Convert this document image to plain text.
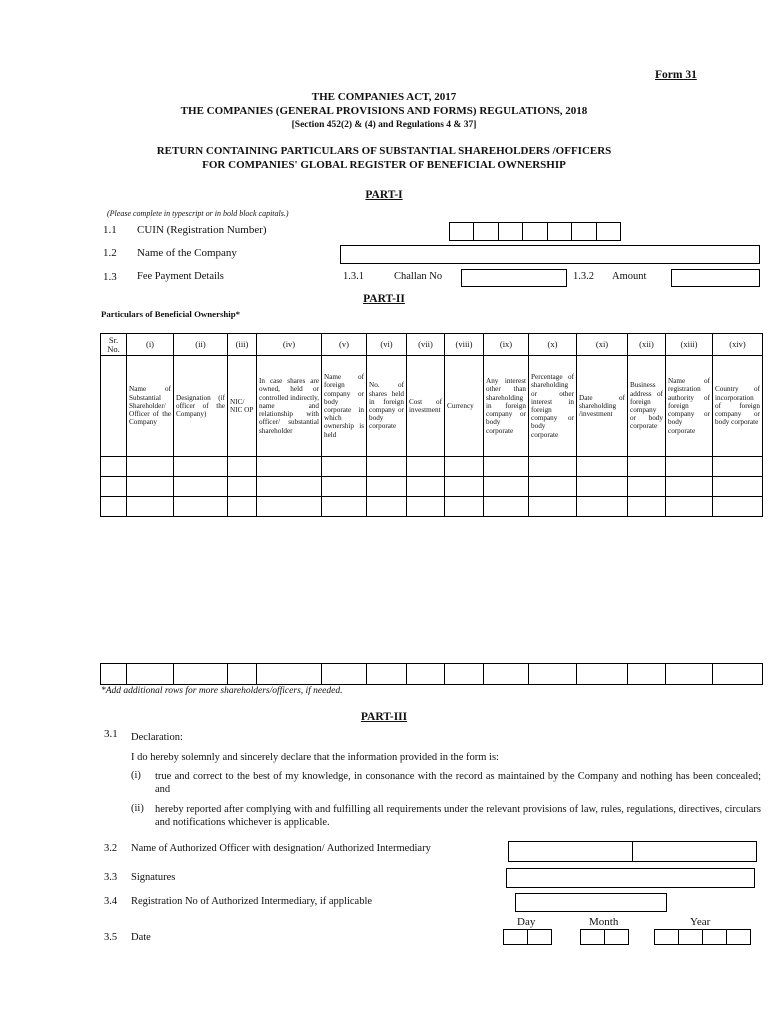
Form 31
THE COMPANIES ACT, 2017
THE COMPANIES (GENERAL PROVISIONS AND FORMS) REGULATIONS, 2018
[Section 452(2) & (4) and Regulations 4 & 37]
RETURN CONTAINING PARTICULARS OF SUBSTANTIAL SHAREHOLDERS /OFFICERS
FOR COMPANIES' GLOBAL REGISTER OF BENEFICIAL OWNERSHIP
PART-I
(Please complete in typescript or in bold block capitals.)
1.1 CUIN (Registration Number)
1.2 Name of the Company
1.3 Fee Payment Details	1.3.1	Challan No	1.3.2 Amount
PART-II
Particulars of Beneficial Ownership*
Sr. No.	(i)	(ii)	(iii)	(iv)	(v)	(vi)	(vii)	(viii)	(ix)	(x)	(xi)	(xii)	(xiii)	(xiv)
	Name of Substantial Shareholder/ Officer of the Company	Designation (if officer of the Company)	NIC/ NIC OP	In case shares are owned, held or controlled indirectly, name and relationship with officer/ substantial shareholder	Name of foreign company or body corporate in which ownership is held	No. of shares held in foreign company or body corporate	Cost of investment	Currency	Any interest other than shareholding in foreign company or body corporate	Percentage of shareholding or other interest in foreign company or body corporate	Date of shareholding /investment	Business address of foreign company or body corporate	Name of registration authority of foreign company or body corporate	Country of incorporation of foreign company or body corporate

*Add additional rows for more shareholders/officers, if needed.
PART-III
3.1 Declaration:
I do hereby solemnly and sincerely declare that the information provided in the form is:
(i) true and correct to the best of my knowledge, in consonance with the record as maintained by the Company and nothing has been concealed; and
(ii) hereby reported after complying with and fulfilling all requirements under the relevant provisions of law, rules, regulations, directives, circulars and notifications whichever is applicable.
3.2 Name of Authorized Officer with designation/ Authorized Intermediary
3.3 Signatures
3.4 Registration No of Authorized Intermediary, if applicable
Day	Month	Year
3.5 Date
